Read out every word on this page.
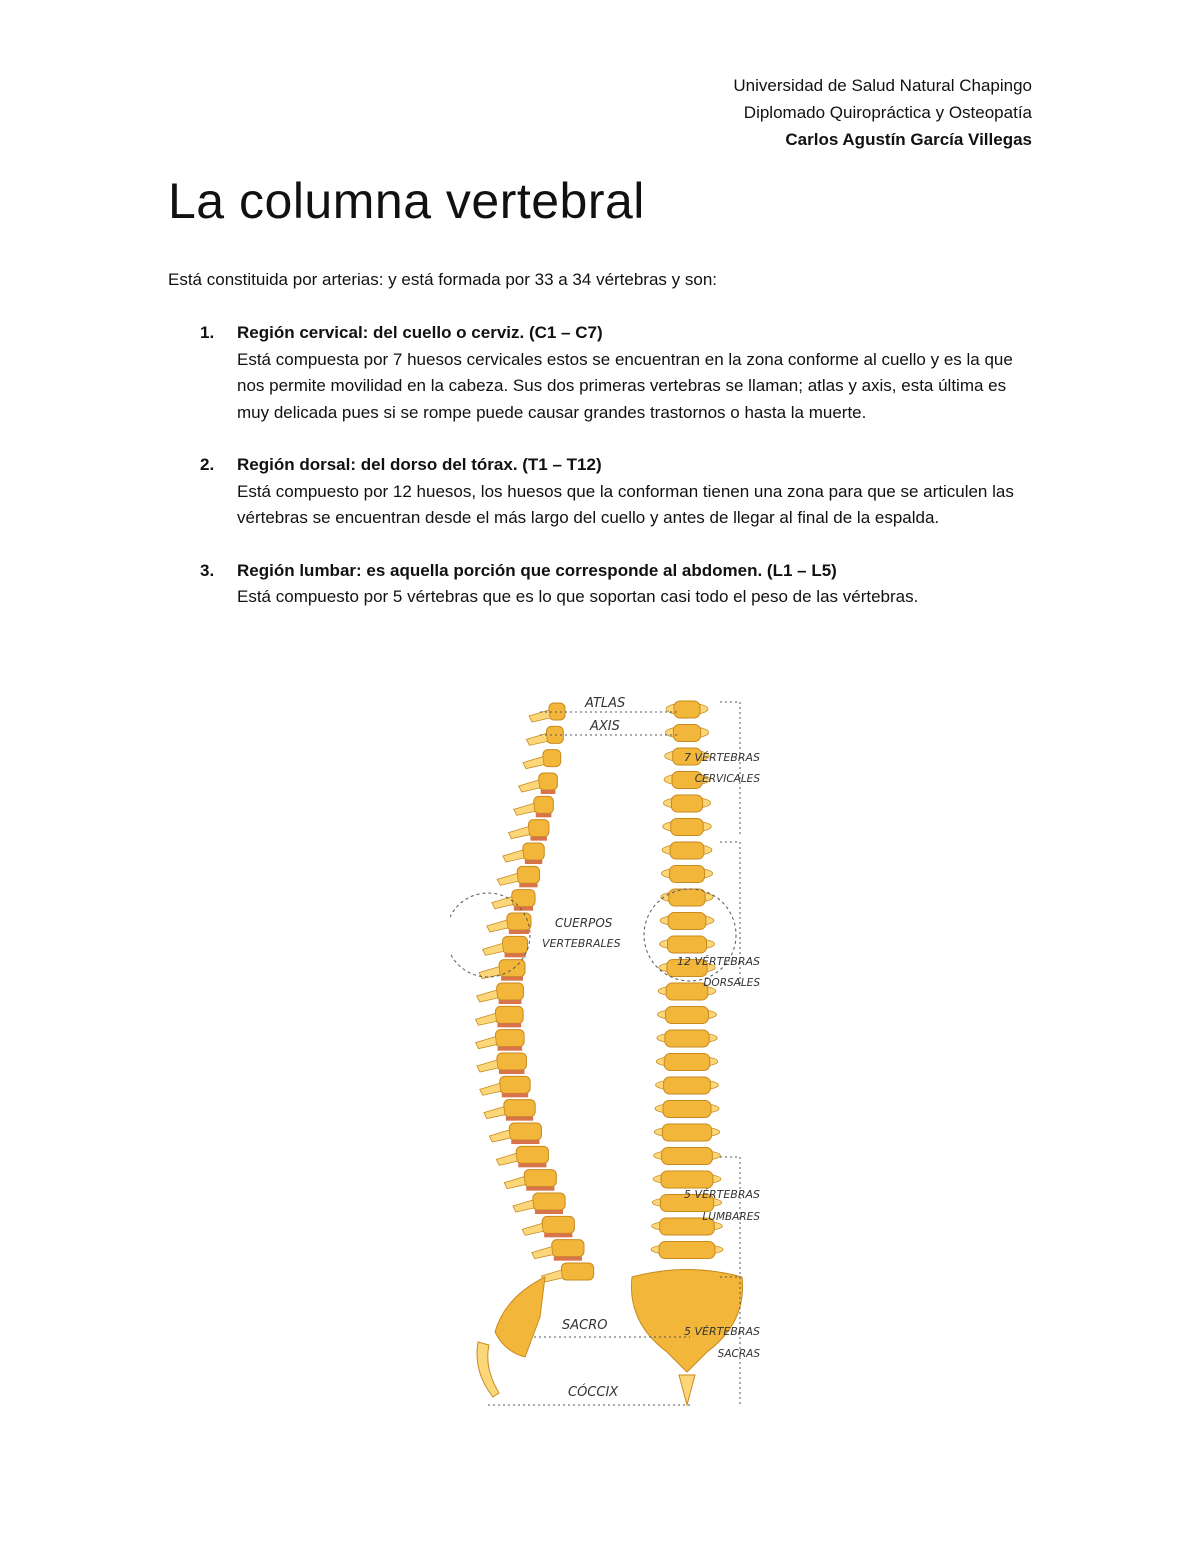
Universidad de Salud Natural Chapingo
Diplomado Quiropráctica y Osteopatía
Carlos Agustín García Villegas
La columna vertebral

Está constituida por arterias: y está formada por 33 a 34 vértebras y son:

1. Región cervical: del cuello o cerviz. (C1 – C7)
Está compuesta por 7 huesos cervicales estos se encuentran en la zona conforme al cuello y es la que nos permite movilidad en la cabeza. Sus dos primeras vertebras se llaman; atlas y axis, esta última es muy delicada pues si se rompe puede causar grandes trastornos o hasta la muerte.
2. Región dorsal: del dorso del tórax. (T1 – T12)
Está compuesto por 12 huesos, los huesos que la conforman tienen una zona para que se articulen las vértebras se encuentran desde el más largo del cuello y antes de llegar al final de la espalda.
3. Región lumbar: es aquella porción que corresponde al abdomen. (L1 – L5)
Está compuesto por 5 vértebras que es lo que soportan casi todo el peso de las vértebras.
ATLAS
AXIS
CUERPOS
VERTEBRALES
SACRO
CÓCCIX
7 VÉRTEBRAS
CERVICALES
12 VÉRTEBRAS
DORSALES
5 VÉRTEBRAS
LUMBARES
5 VÉRTEBRAS
SACRAS
